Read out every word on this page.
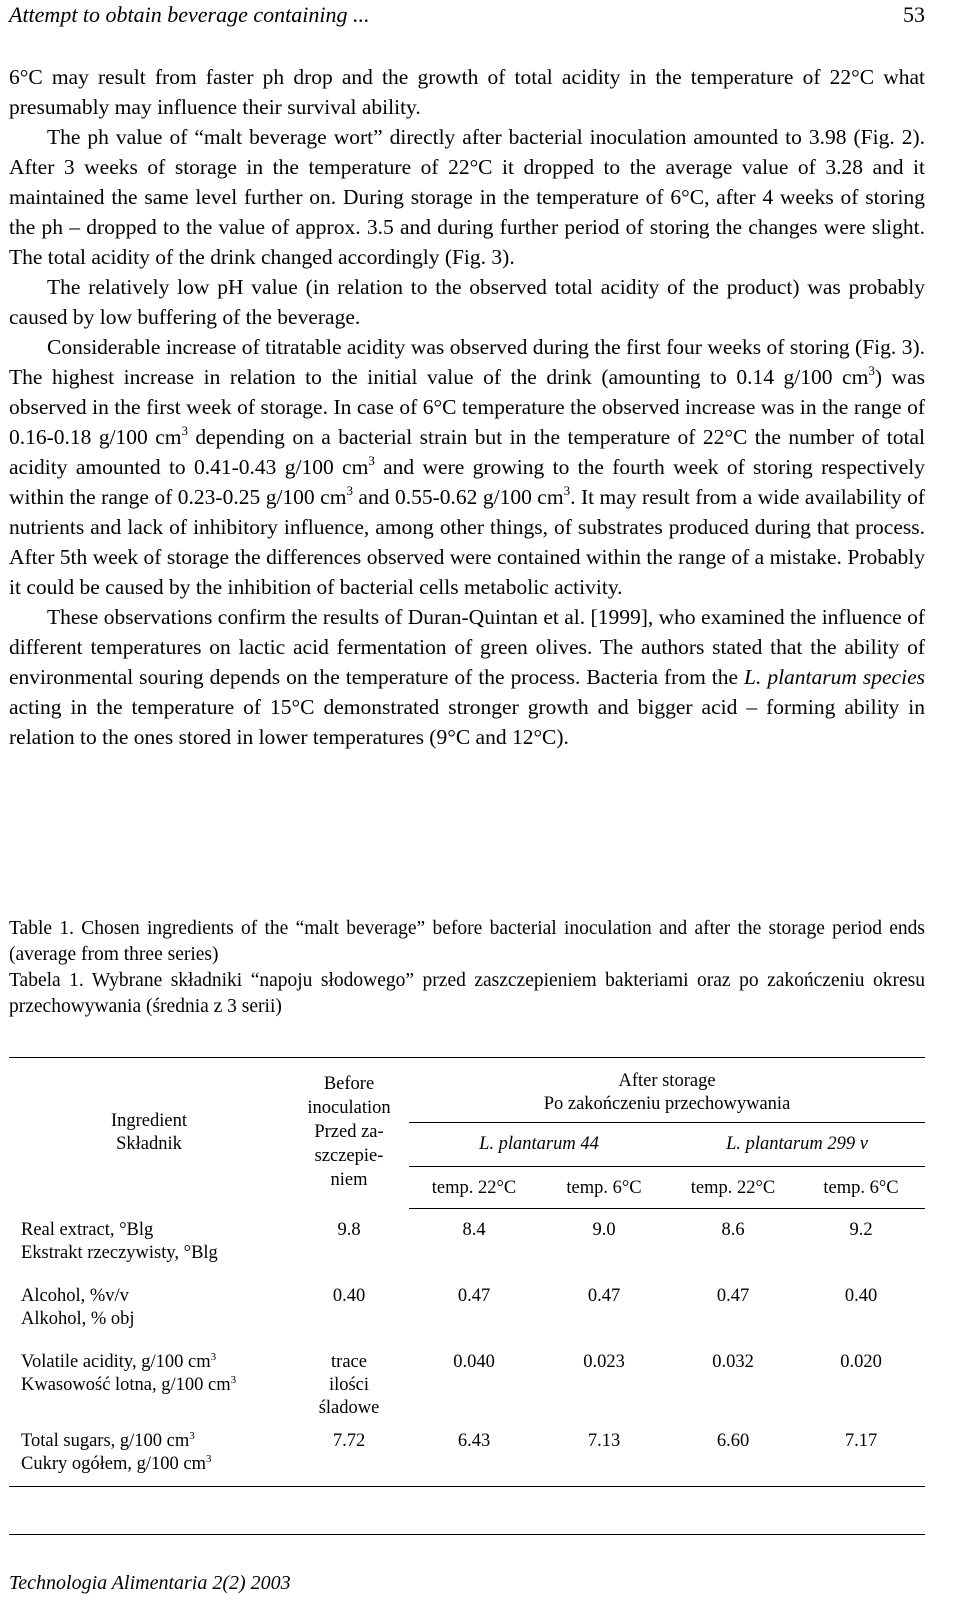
Attempt to obtain beverage containing ...	53

6°C may result from faster ph drop and the growth of total acidity in the temperature of 22°C what presumably may influence their survival ability.

The ph value of “malt beverage wort” directly after bacterial inoculation amounted to 3.98 (Fig. 2). After 3 weeks of storage in the temperature of 22°C it dropped to the average value of 3.28 and it maintained the same level further on. During storage in the temperature of 6°C, after 4 weeks of storing the ph – dropped to the value of approx. 3.5 and during further period of storing the changes were slight. The total acidity of the drink changed accordingly (Fig. 3).

The relatively low pH value (in relation to the observed total acidity of the product) was probably caused by low buffering of the beverage.

Considerable increase of titratable acidity was observed during the first four weeks of storing (Fig. 3). The highest increase in relation to the initial value of the drink (amounting to 0.14 g/100 $cm^3$) was observed in the first week of storage. In case of 6°C temperature the observed increase was in the range of 0.16-0.18 g/100 $cm^3$ depending on a bacterial strain but in the temperature of 22°C the number of total acidity amounted to 0.41-0.43 g/100 $cm^3$ and were growing to the fourth week of storing respectively within the range of 0.23-0.25 g/100 $cm^3$ and 0.55-0.62 g/100 $cm^3$. It may result from a wide availability of nutrients and lack of inhibitory influence, among other things, of substrates produced during that process. After 5th week of storage the differences observed were contained within the range of a mistake. Probably it could be caused by the inhibition of bacterial cells metabolic activity.

These observations confirm the results of Duran-Quintan et al. [1999], who examined the influence of different temperatures on lactic acid fermentation of green olives. The authors stated that the ability of environmental souring depends on the temperature of the process. Bacteria from the L. plantarum species acting in the temperature of 15°C demonstrated stronger growth and bigger acid – forming ability in relation to the ones stored in lower temperatures (9°C and 12°C).

Table 1. Chosen ingredients of the “malt beverage” before bacterial inoculation and after the storage period ends (average from three series)

Tabela 1. Wybrane składniki “napoju słodowego” przed zaszczepieniem bakteriami oraz po zakończeniu okresu przechowywania (średnia z 3 serii)

Ingredient
Składnik	Before
inoculation
Przed za-
szczepie-
niem	After storage
Po zakończeniu przechowywania			
		L. plantarum 44		L. plantarum 299 v	
		temp. 22°C	temp. 6°C	temp. 22°C	temp. 6°C
Real extract, °Blg
Ekstrakt rzeczywisty, °Blg	9.8	8.4	9.0	8.6	9.2
Alcohol, %v/v
Alkohol, % obj	0.40	0.47	0.47	0.47	0.40
Volatile acidity, g/100 $cm^3$
Kwasowość lotna, g/100 $cm^3$	trace
ilości
śladowe	0.040	0.023	0.032	0.020
Total sugars, g/100 $cm^3$
Cukry ogółem, g/100 $cm^3$	7.72	6.43	7.13	6.60	7.17
Technologia Alimentaria 2(2) 2003
